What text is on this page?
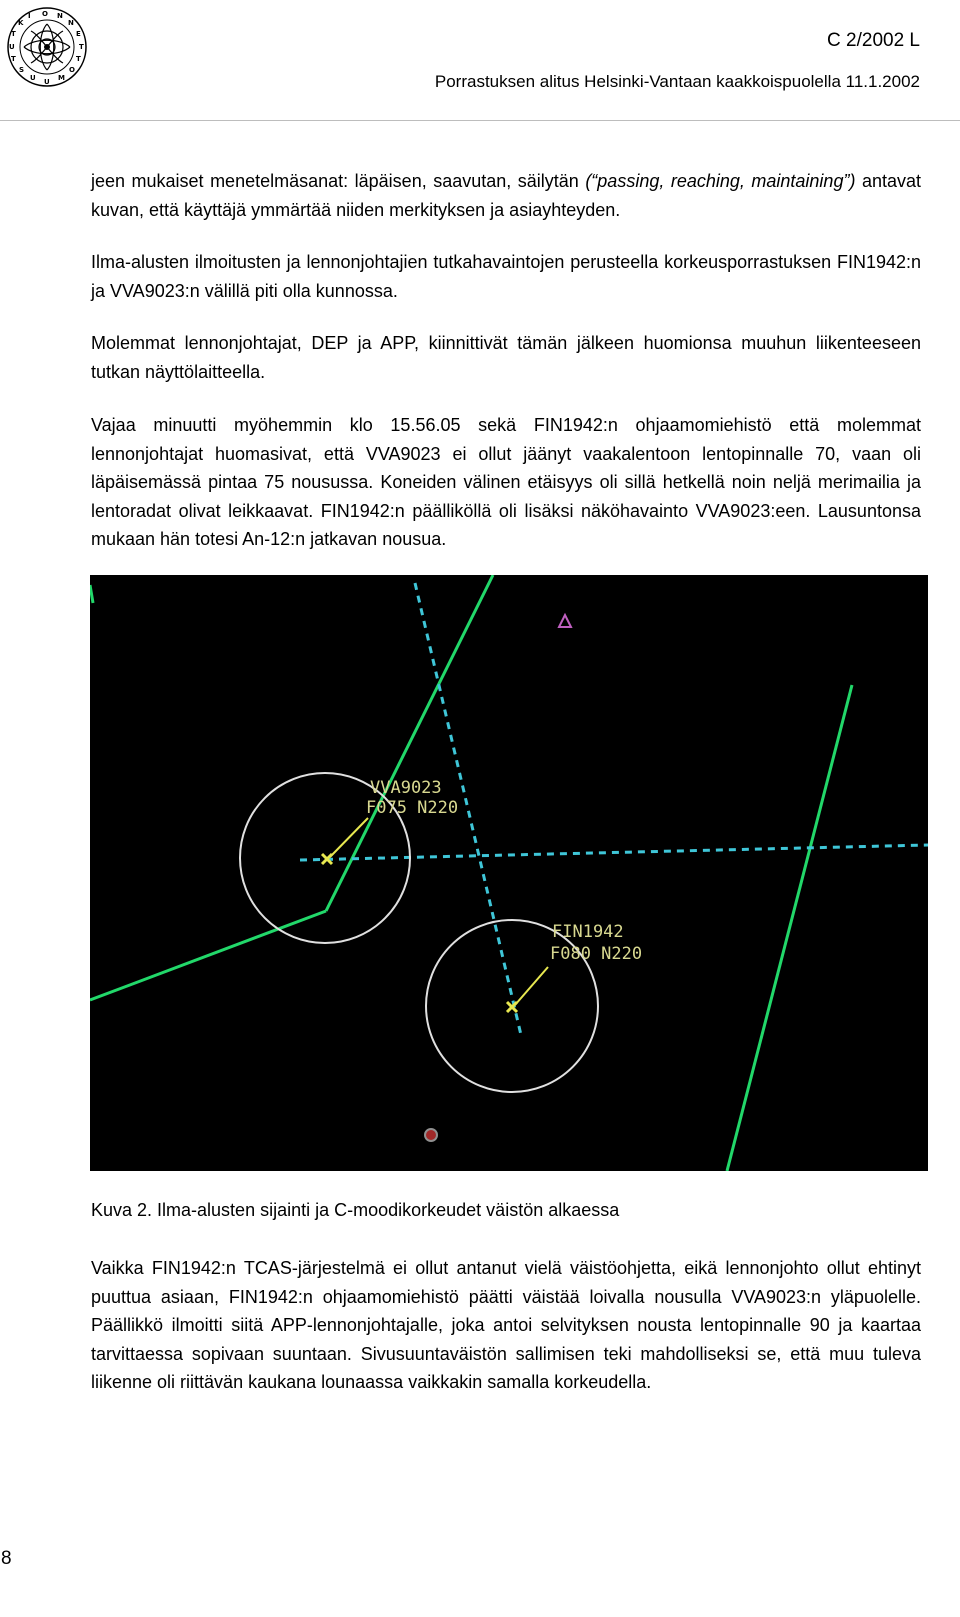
O N
N
E
T
T
O
M
U
U
S
T
U
T
K
I
C 2/2002 L
Porrastuksen alitus Helsinki-Vantaan kaakkoispuolella 11.1.2002

jeen mukaiset menetelmäsanat: läpäisen, saavutan, säilytän (“passing, reaching, maintaining”) antavat kuvan, että käyttäjä ymmärtää niiden merkityksen ja asiayhteyden.

Ilma-alusten ilmoitusten ja lennonjohtajien tutkahavaintojen perusteella korkeusporrastuksen FIN1942:n ja VVA9023:n välillä piti olla kunnossa.

Molemmat lennonjohtajat, DEP ja APP, kiinnittivät tämän jälkeen huomionsa muuhun liikenteeseen tutkan näyttölaitteella.

Vajaa minuutti myöhemmin klo 15.56.05 sekä FIN1942:n ohjaamomiehistö että molemmat lennonjohtajat huomasivat, että VVA9023 ei ollut jäänyt vaakalentoon lentopinnalle 70, vaan oli läpäisemässä pintaa 75 nousussa. Koneiden välinen etäisyys oli sillä hetkellä noin neljä merimailia ja lentoradat olivat leikkaavat. FIN1942:n päälliköllä oli lisäksi näköhavainto VVA9023:een. Lausuntonsa mukaan hän totesi An-12:n jatkavan nousua.

VVA9023
F075 N220
FIN1942
F080 N220
Kuva 2. Ilma-alusten sijainti ja C-moodikorkeudet väistön alkaessa

Vaikka FIN1942:n TCAS-järjestelmä ei ollut antanut vielä väistöohjetta, eikä lennonjohto ollut ehtinyt puuttua asiaan, FIN1942:n ohjaamomiehistö päätti väistää loivalla nousulla VVA9023:n yläpuolelle. Päällikkö ilmoitti siitä APP-lennonjohtajalle, joka antoi selvityksen nousta lentopinnalle 90 ja kaartaa tarvittaessa sopivaan suuntaan. Sivusuuntaväistön sallimisen teki mahdolliseksi se, että muu tuleva liikenne oli riittävän kaukana lounaassa vaikkakin samalla korkeudella.

8
